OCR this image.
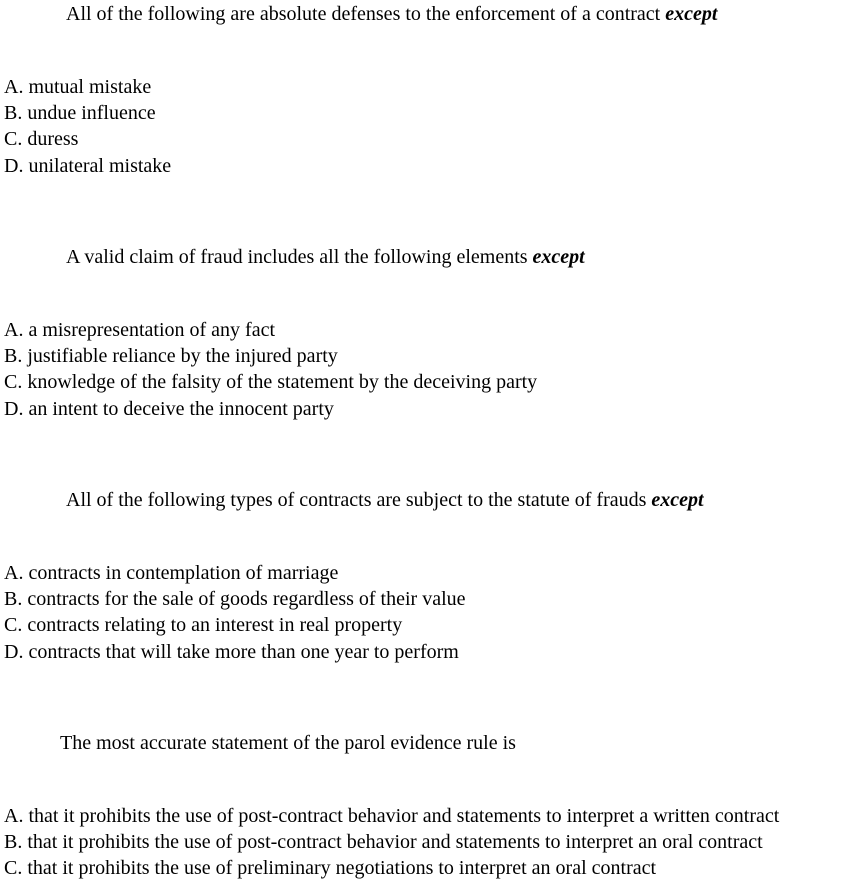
All of the following are absolute defenses to the enforcement of a contract except
A. mutual mistake
B. undue influence
C. duress
D. unilateral mistake
A valid claim of fraud includes all the following elements except
A. a misrepresentation of any fact
B. justifiable reliance by the injured party
C. knowledge of the falsity of the statement by the deceiving party
D. an intent to deceive the innocent party
All of the following types of contracts are subject to the statute of frauds except
A. contracts in contemplation of marriage
B. contracts for the sale of goods regardless of their value
C. contracts relating to an interest in real property
D. contracts that will take more than one year to perform
The most accurate statement of the parol evidence rule is
A. that it prohibits the use of post-contract behavior and statements to interpret a written contract
B. that it prohibits the use of post-contract behavior and statements to interpret an oral contract
C. that it prohibits the use of preliminary negotiations to interpret an oral contract
